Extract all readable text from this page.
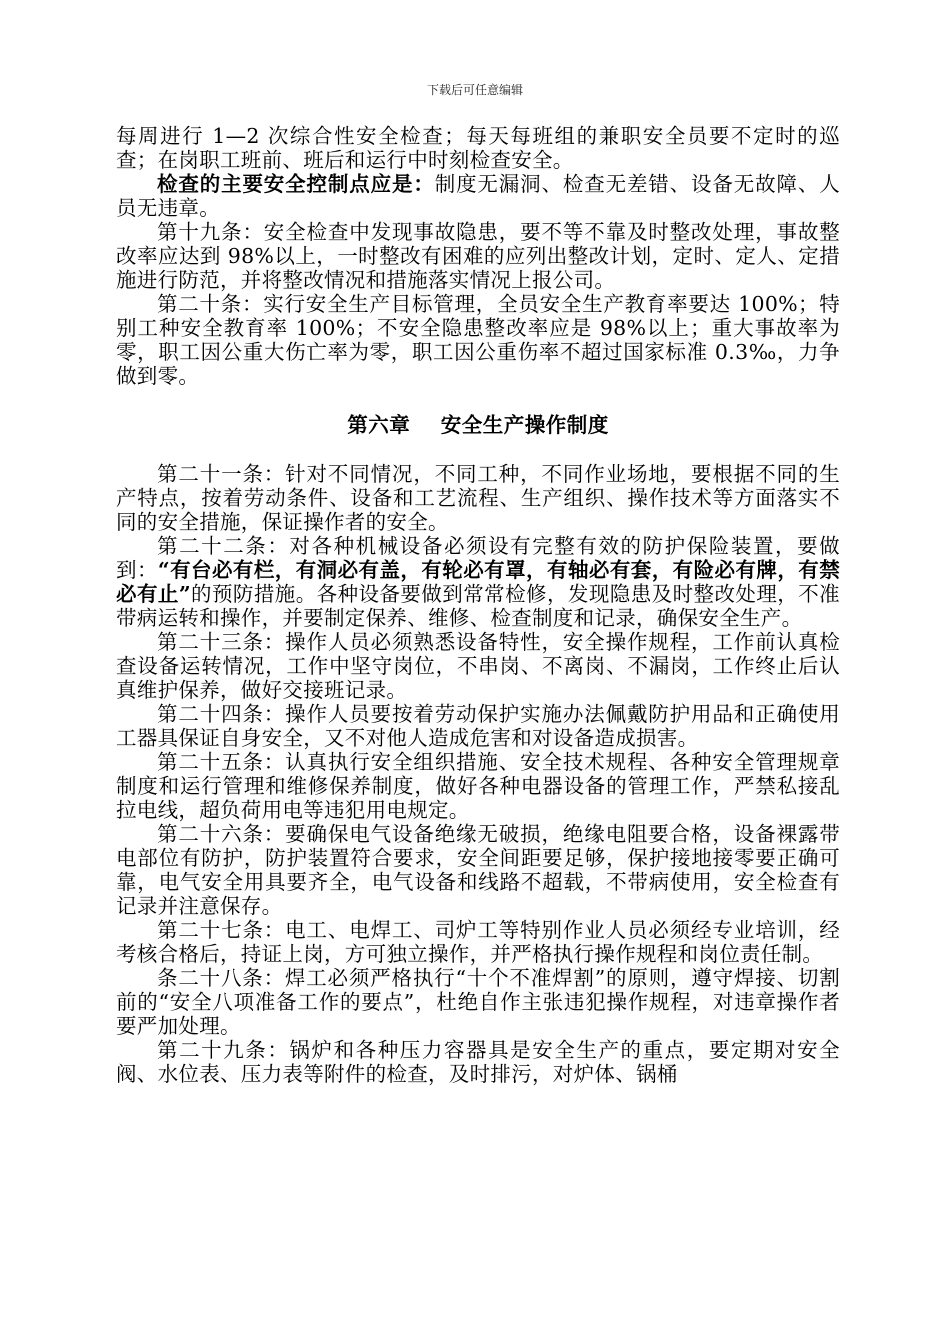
下载后可任意编辑

每周进行 1—2 次综合性安全检查；每天每班组的兼职安全员要不定时的巡查；在岗职工班前、班后和运行中时刻检查安全。

检查的主要安全控制点应是：制度无漏洞、检查无差错、设备无故障、人员无违章。

第十九条：安全检查中发现事故隐患，要不等不靠及时整改处理，事故整改率应达到 98%以上，一时整改有困难的应列出整改计划，定时、定人、定措施进行防范，并将整改情况和措施落实情况上报公司。

第二十条：实行安全生产目标管理，全员安全生产教育率要达 100%；特别工种安全教育率 100%；不安全隐患整改率应是 98%以上；重大事故率为零，职工因公重大伤亡率为零，职工因公重伤率不超过国家标准 0.3‰，力争做到零。

第六章    安全生产操作制度

第二十一条：针对不同情况，不同工种，不同作业场地，要根据不同的生产特点，按着劳动条件、设备和工艺流程、生产组织、操作技术等方面落实不同的安全措施，保证操作者的安全。

第二十二条：对各种机械设备必须设有完整有效的防护保险装置，要做到：“有台必有栏，有洞必有盖，有轮必有罩，有轴必有套，有险必有牌，有禁必有止”的预防措施。各种设备要做到常常检修，发现隐患及时整改处理，不准带病运转和操作，并要制定保养、维修、检查制度和记录，确保安全生产。

第二十三条：操作人员必须熟悉设备特性，安全操作规程，工作前认真检查设备运转情况，工作中坚守岗位，不串岗、不离岗、不漏岗，工作终止后认真维护保养，做好交接班记录。

第二十四条：操作人员要按着劳动保护实施办法佩戴防护用品和正确使用工器具保证自身安全，又不对他人造成危害和对设备造成损害。

第二十五条：认真执行安全组织措施、安全技术规程、各种安全管理规章制度和运行管理和维修保养制度，做好各种电器设备的管理工作，严禁私接乱拉电线，超负荷用电等违犯用电规定。

第二十六条：要确保电气设备绝缘无破损，绝缘电阻要合格，设备裸露带电部位有防护，防护装置符合要求，安全间距要足够，保护接地接零要正确可靠，电气安全用具要齐全，电气设备和线路不超载，不带病使用，安全检查有记录并注意保存。

第二十七条：电工、电焊工、司炉工等特别作业人员必须经专业培训，经考核合格后，持证上岗，方可独立操作，并严格执行操作规程和岗位责任制。

条二十八条：焊工必须严格执行“十个不准焊割”的原则，遵守焊接、切割前的“安全八项准备工作的要点”，杜绝自作主张违犯操作规程，对违章操作者要严加处理。

第二十九条：锅炉和各种压力容器具是安全生产的重点，要定期对安全阀、水位表、压力表等附件的检查，及时排污，对炉体、锅桶
